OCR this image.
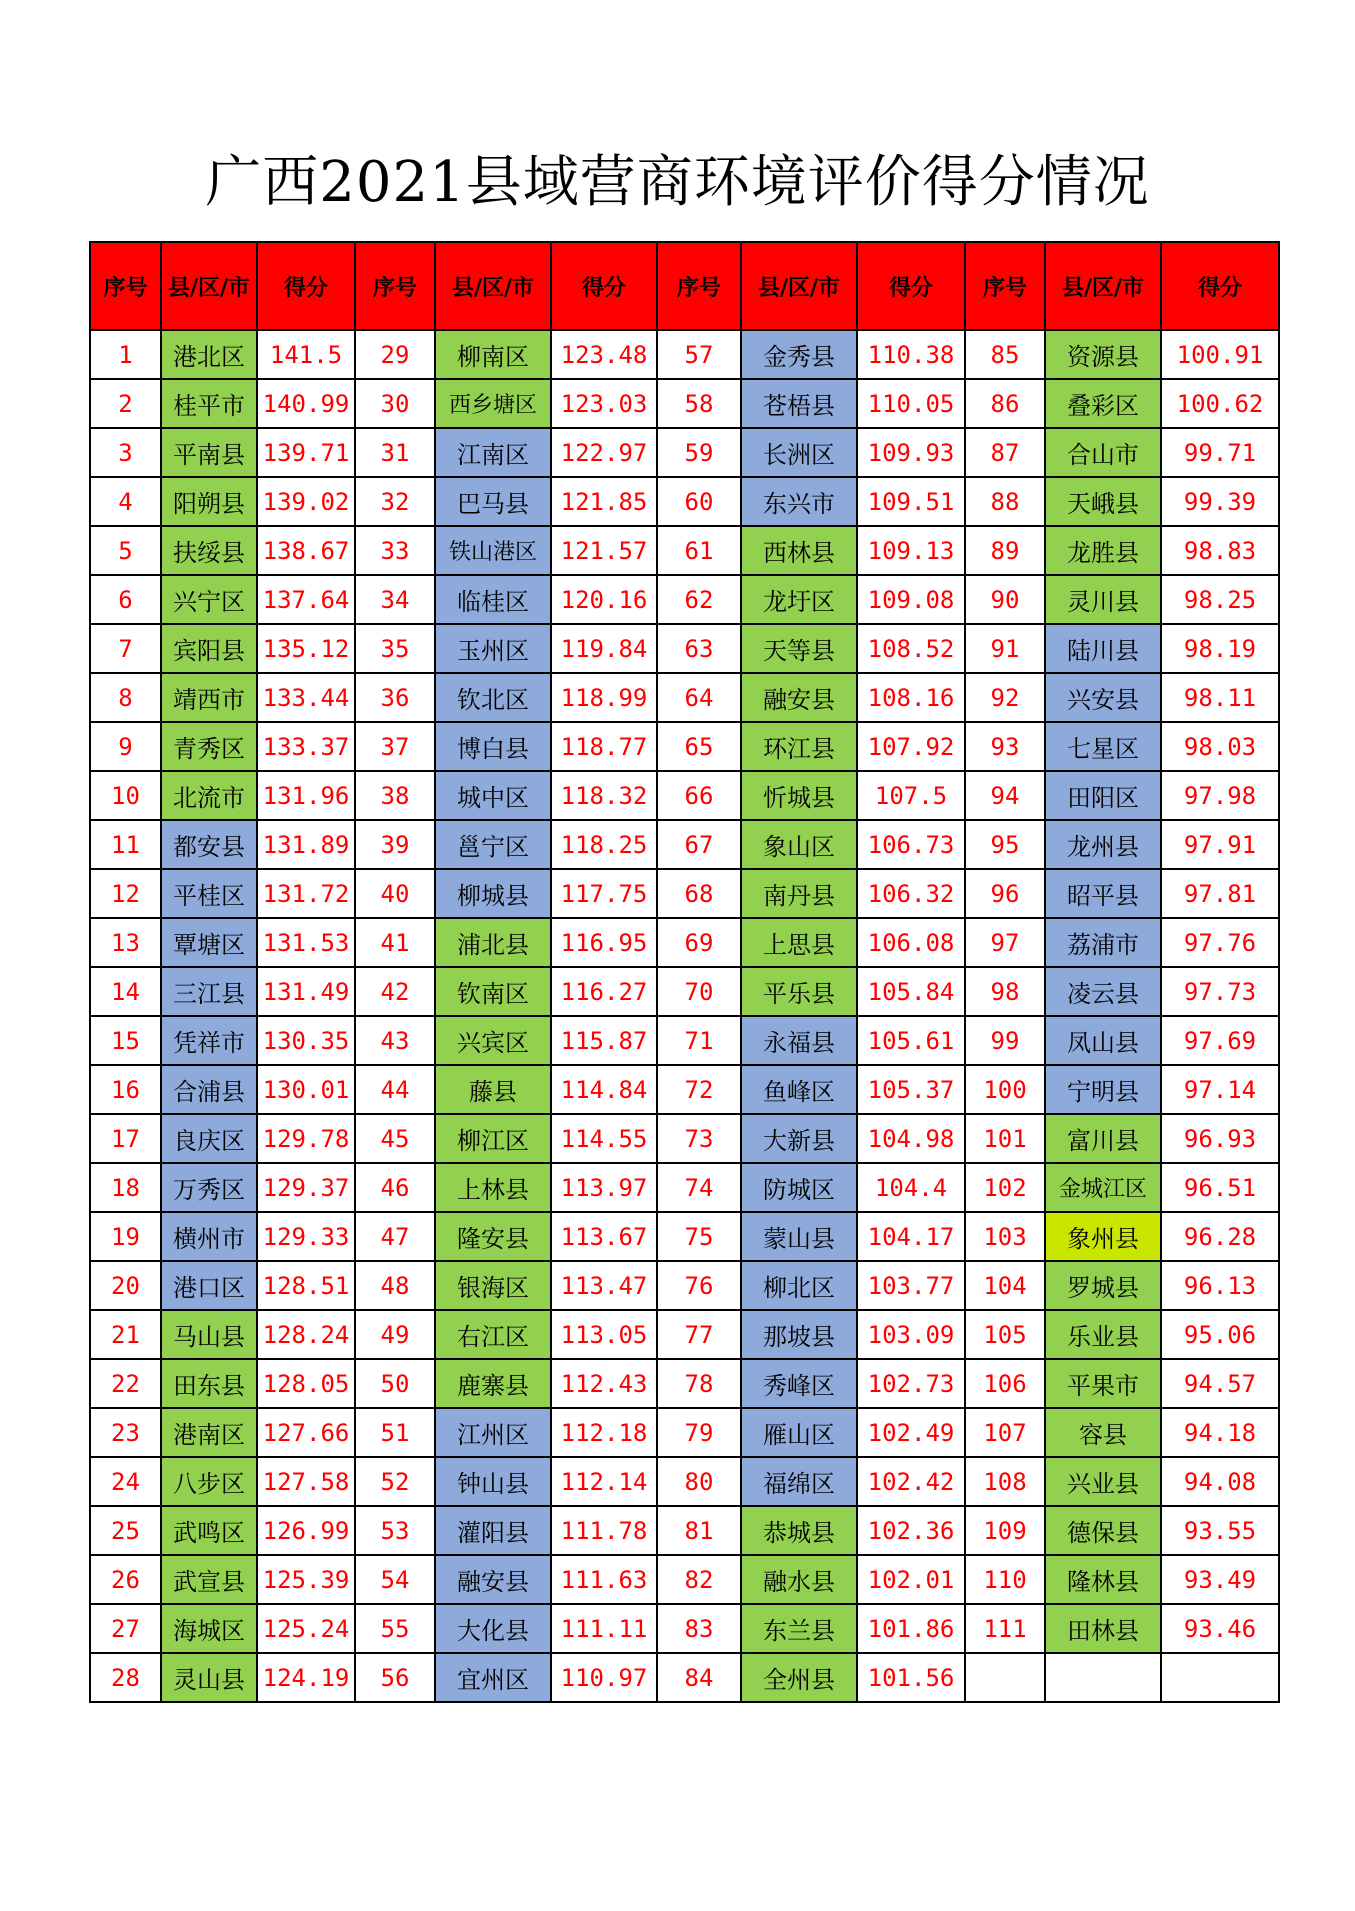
广西2021县域营商环境评价得分情况
序号	县/区/市	得分	序号	县/区/市	得分	序号	县/区/市	得分	序号	县/区/市	得分
1	港北区	141.5	29	柳南区	123.48	57	金秀县	110.38	85	资源县	100.91
2	桂平市	140.99	30	西乡塘区	123.03	58	苍梧县	110.05	86	叠彩区	100.62
3	平南县	139.71	31	江南区	122.97	59	长洲区	109.93	87	合山市	99.71
4	阳朔县	139.02	32	巴马县	121.85	60	东兴市	109.51	88	天峨县	99.39
5	扶绥县	138.67	33	铁山港区	121.57	61	西林县	109.13	89	龙胜县	98.83
6	兴宁区	137.64	34	临桂区	120.16	62	龙圩区	109.08	90	灵川县	98.25
7	宾阳县	135.12	35	玉州区	119.84	63	天等县	108.52	91	陆川县	98.19
8	靖西市	133.44	36	钦北区	118.99	64	融安县	108.16	92	兴安县	98.11
9	青秀区	133.37	37	博白县	118.77	65	环江县	107.92	93	七星区	98.03
10	北流市	131.96	38	城中区	118.32	66	忻城县	107.5	94	田阳区	97.98
11	都安县	131.89	39	邕宁区	118.25	67	象山区	106.73	95	龙州县	97.91
12	平桂区	131.72	40	柳城县	117.75	68	南丹县	106.32	96	昭平县	97.81
13	覃塘区	131.53	41	浦北县	116.95	69	上思县	106.08	97	荔浦市	97.76
14	三江县	131.49	42	钦南区	116.27	70	平乐县	105.84	98	凌云县	97.73
15	凭祥市	130.35	43	兴宾区	115.87	71	永福县	105.61	99	凤山县	97.69
16	合浦县	130.01	44	藤县	114.84	72	鱼峰区	105.37	100	宁明县	97.14
17	良庆区	129.78	45	柳江区	114.55	73	大新县	104.98	101	富川县	96.93
18	万秀区	129.37	46	上林县	113.97	74	防城区	104.4	102	金城江区	96.51
19	横州市	129.33	47	隆安县	113.67	75	蒙山县	104.17	103	象州县	96.28
20	港口区	128.51	48	银海区	113.47	76	柳北区	103.77	104	罗城县	96.13
21	马山县	128.24	49	右江区	113.05	77	那坡县	103.09	105	乐业县	95.06
22	田东县	128.05	50	鹿寨县	112.43	78	秀峰区	102.73	106	平果市	94.57
23	港南区	127.66	51	江州区	112.18	79	雁山区	102.49	107	容县	94.18
24	八步区	127.58	52	钟山县	112.14	80	福绵区	102.42	108	兴业县	94.08
25	武鸣区	126.99	53	灌阳县	111.78	81	恭城县	102.36	109	德保县	93.55
26	武宣县	125.39	54	融安县	111.63	82	融水县	102.01	110	隆林县	93.49
27	海城区	125.24	55	大化县	111.11	83	东兰县	101.86	111	田林县	93.46
28	灵山县	124.19	56	宜州区	110.97	84	全州县	101.56			
